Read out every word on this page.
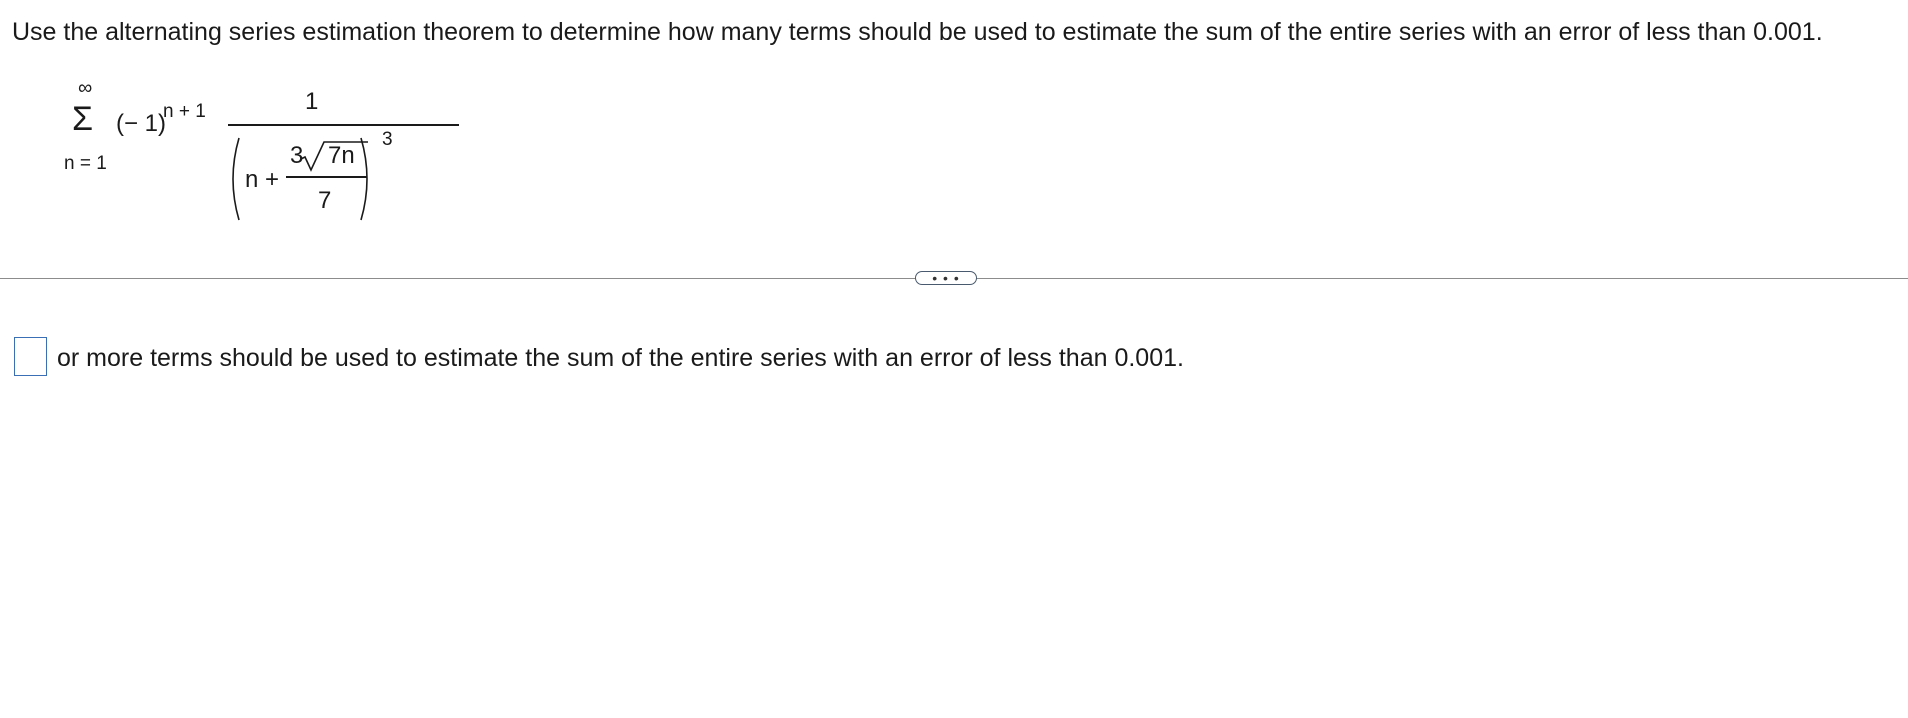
Use the alternating series estimation theorem to determine how many terms should be used to estimate the sum of the entire series with an error of less than 0.001.
∞
Σ
n = 1
(− 1)
n + 1	1
n +
3 7n
7
3
• • •
or more terms should be used to estimate the sum of the entire series with an error of less than 0.001.
